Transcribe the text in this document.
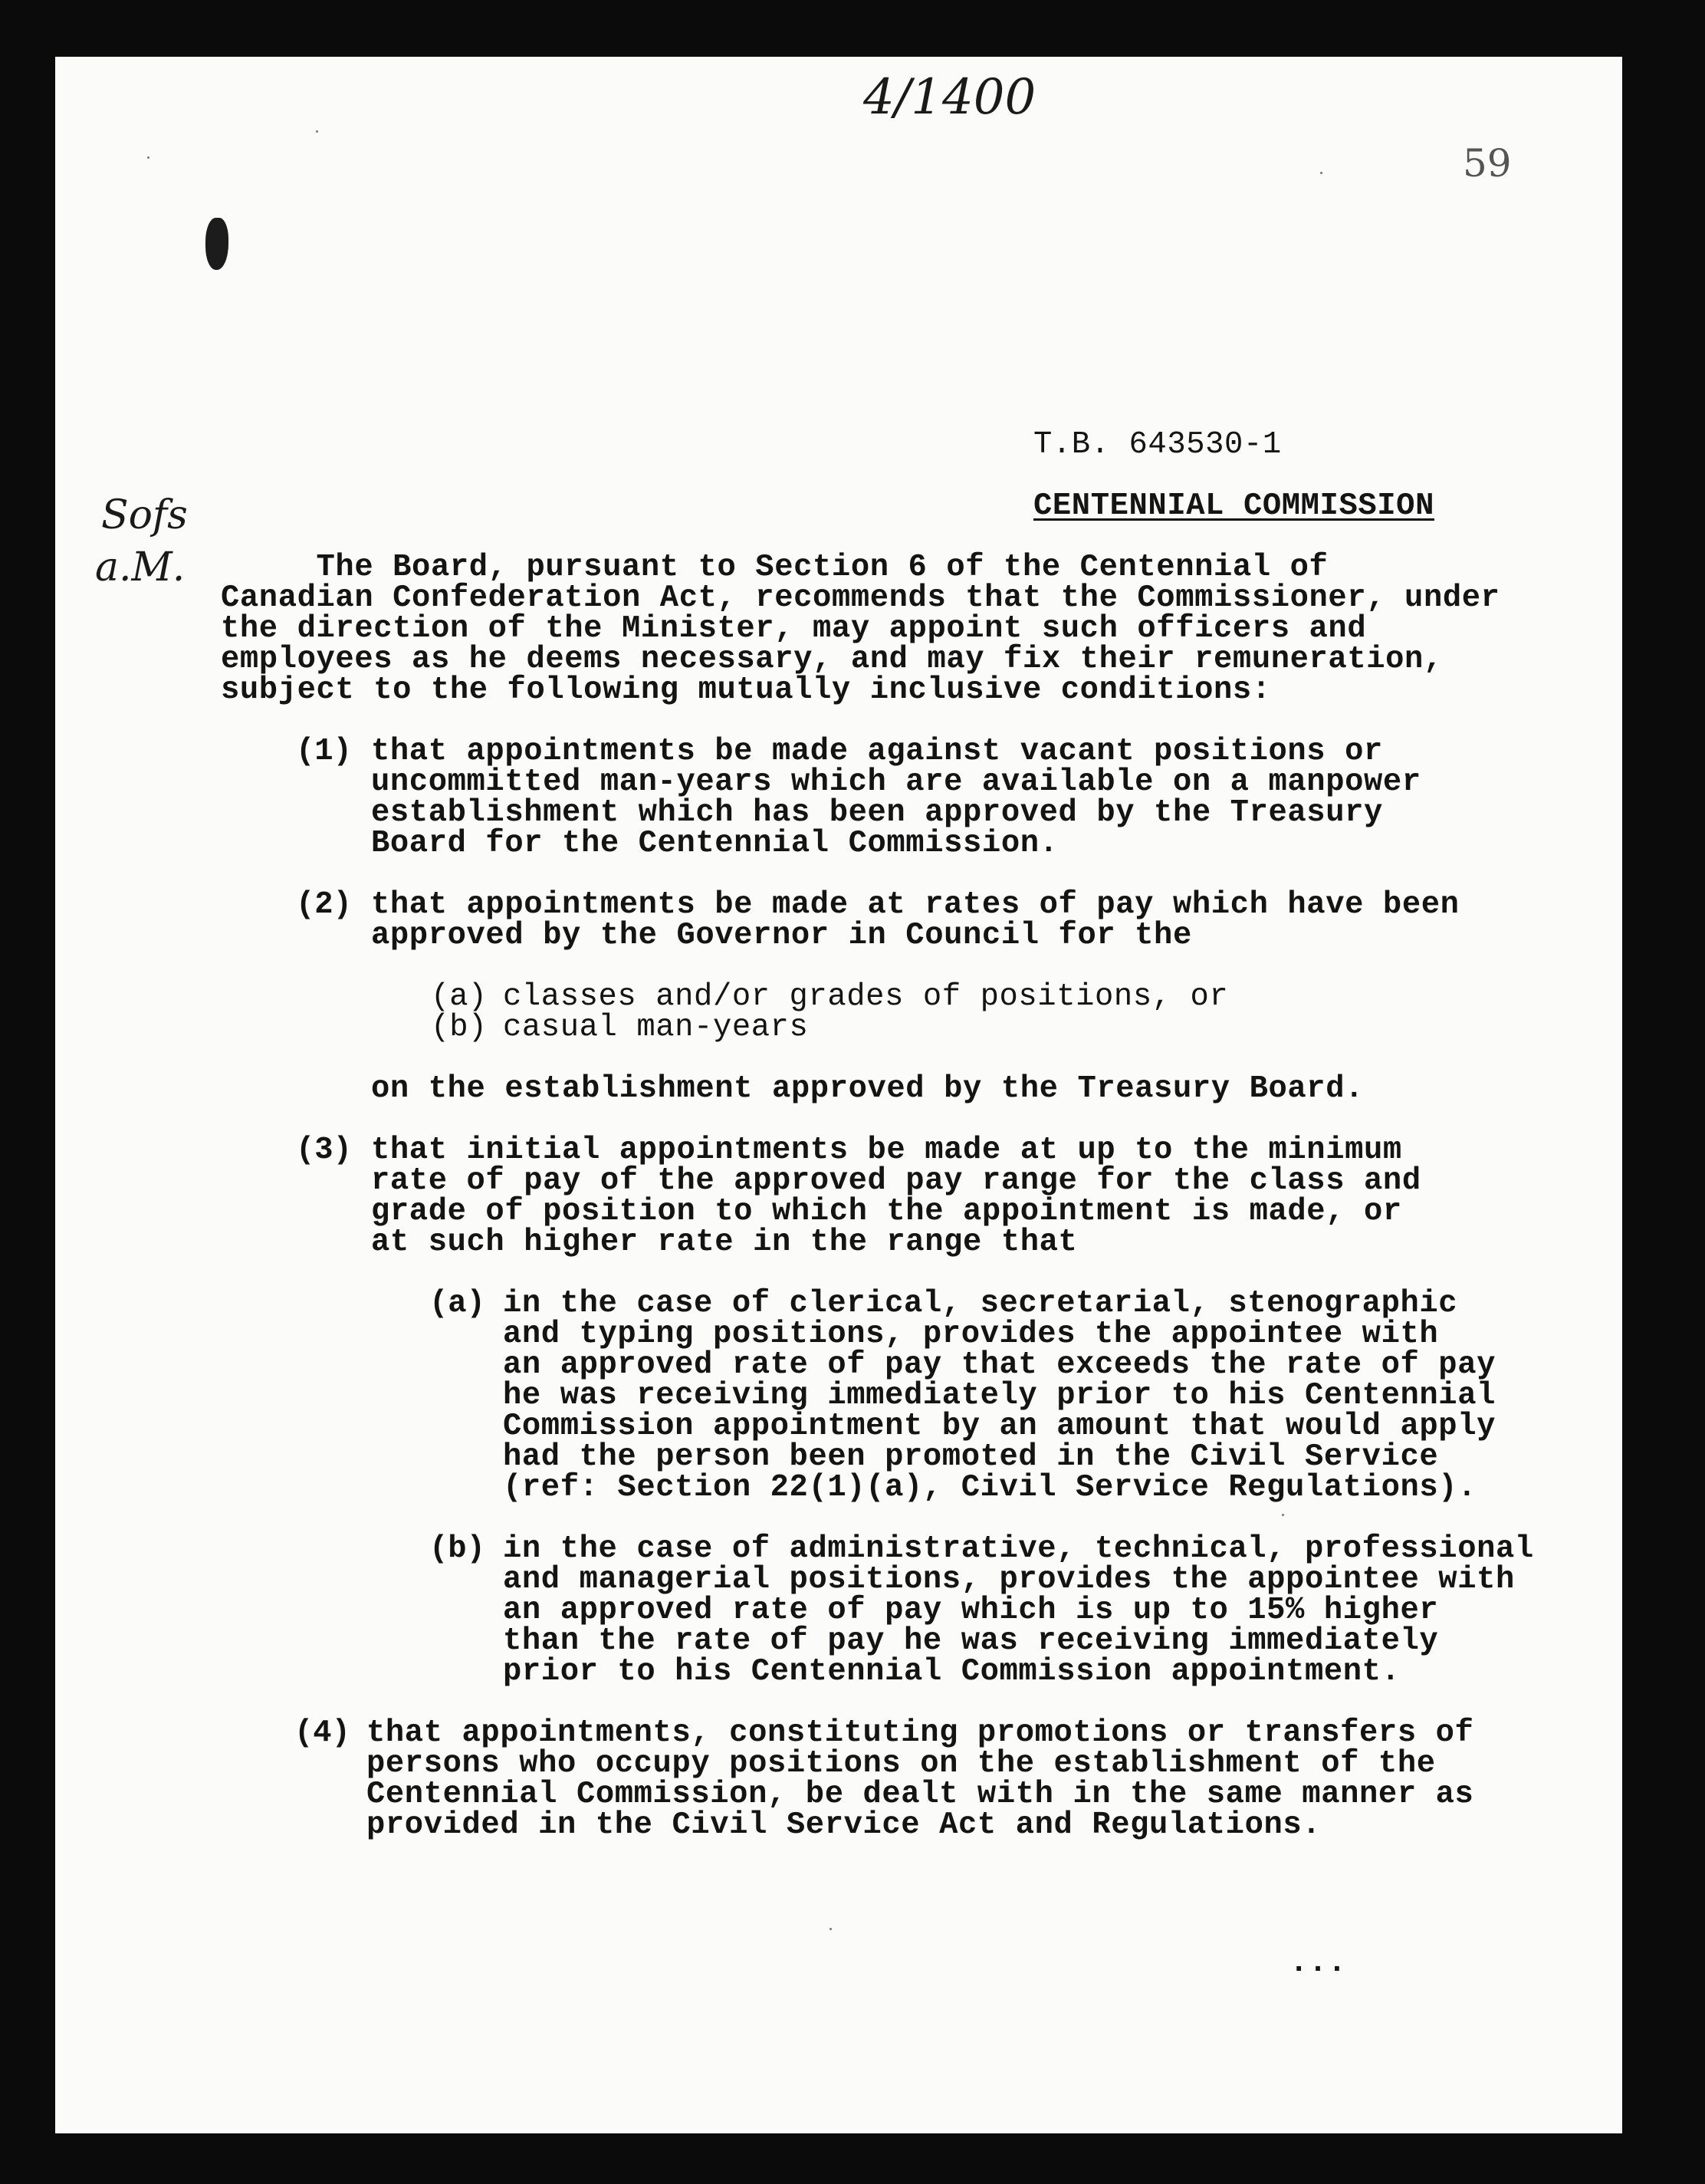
4/1400
59
Sofs
a.M.
T.B. 643530-1
CENTENNIAL COMMISSION
The Board, pursuant to Section 6 of the Centennial of
Canadian Confederation Act, recommends that the Commissioner, under
the direction of the Minister, may appoint such officers and
employees as he deems necessary, and may fix their remuneration,
subject to the following mutually inclusive conditions:
(1) that appointments be made against vacant positions or
uncommitted man-years which are available on a manpower
establishment which has been approved by the Treasury
Board for the Centennial Commission.
(2) that appointments be made at rates of pay which have been
approved by the Governor in Council for the
(a) classes and/or grades of positions, or
(b) casual man-years
on the establishment approved by the Treasury Board.
(3) that initial appointments be made at up to the minimum
rate of pay of the approved pay range for the class and
grade of position to which the appointment is made, or
at such higher rate in the range that
(a) in the case of clerical, secretarial, stenographic
and typing positions, provides the appointee with
an approved rate of pay that exceeds the rate of pay
he was receiving immediately prior to his Centennial
Commission appointment by an amount that would apply
had the person been promoted in the Civil Service
(ref: Section 22(1)(a), Civil Service Regulations).
(b) in the case of administrative, technical, professional
and managerial positions, provides the appointee with
an approved rate of pay which is up to 15% higher
than the rate of pay he was receiving immediately
prior to his Centennial Commission appointment.
(4) that appointments, constituting promotions or transfers of
persons who occupy positions on the establishment of the
Centennial Commission, be dealt with in the same manner as
provided in the Civil Service Act and Regulations.
...
